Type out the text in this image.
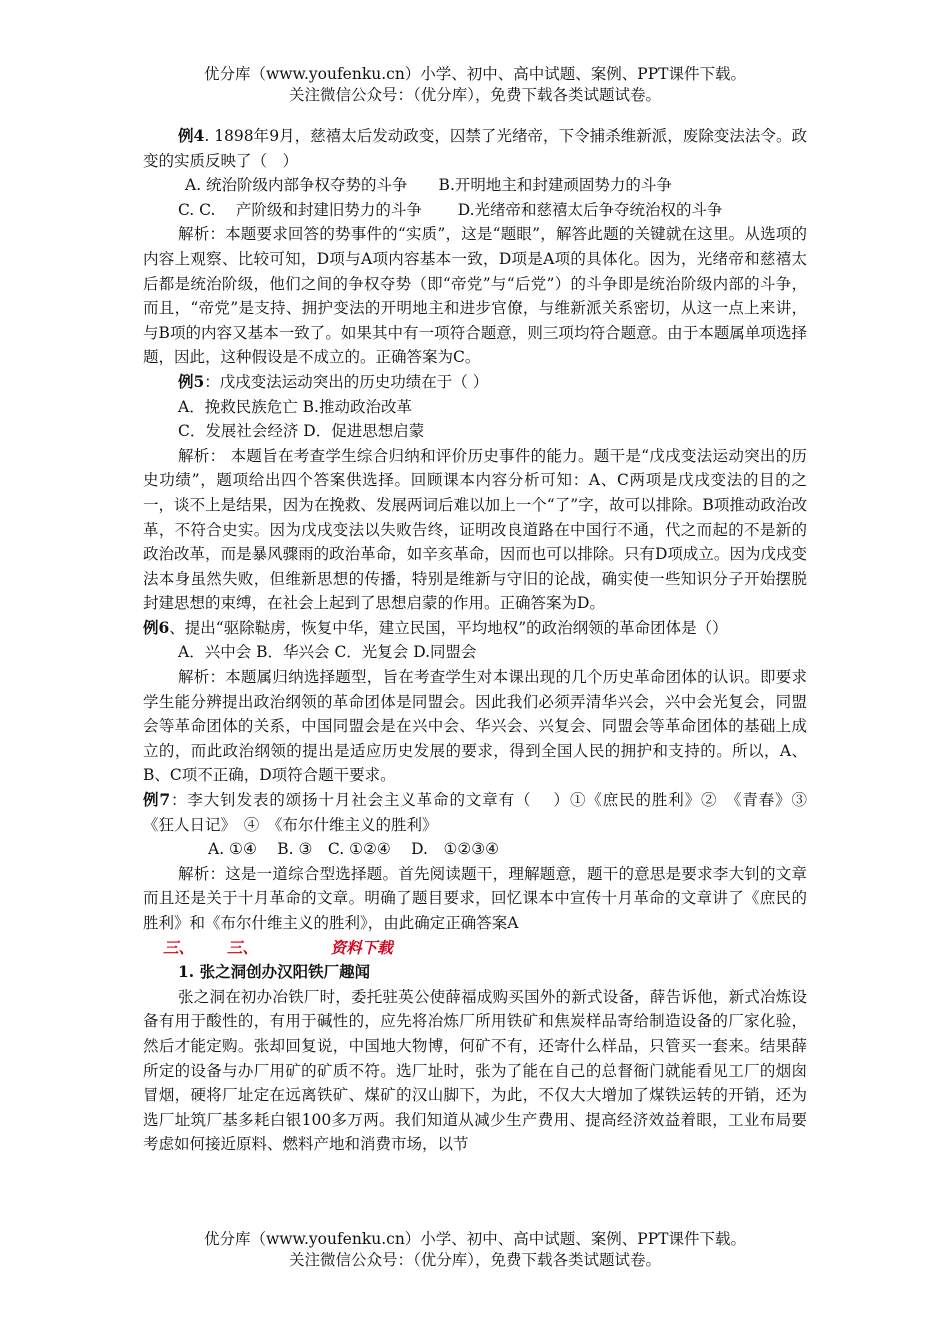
优分库（www.youfenku.cn）小学、初中、高中试题、案例、PPT课件下载。
关注微信公众号：（优分库），免费下载各类试题试卷。

例4. 1898年9月，慈禧太后发动政变，囚禁了光绪帝，下令捕杀维新派，废除变法法令。政变的实质反映了（　）

A. 统治阶级内部争权夺势的斗争　　B.开明地主和封建顽固势力的斗争

C. C.　 产阶级和封建旧势力的斗争　　 D.光绪帝和慈禧太后争夺统治权的斗争

解析：本题要求回答的势事件的“实质”，这是“题眼”，解答此题的关键就在这里。从选项的内容上观察、比较可知，D项与A项内容基本一致，D项是A项的具体化。因为，光绪帝和慈禧太后都是统治阶级，他们之间的争权夺势（即“帝党”与“后党”）的斗争即是统治阶级内部的斗争，而且，“帝党”是支持、拥护变法的开明地主和进步官僚，与维新派关系密切，从这一点上来讲，与B项的内容又基本一致了。如果其中有一项符合题意，则三项均符合题意。由于本题属单项选择题，因此，这种假设是不成立的。正确答案为C。

例5：戊戌变法运动突出的历史功绩在于（ ）

A．挽救民族危亡 B.推动政治改革

C．发展社会经济 D．促进思想启蒙

解析： 本题旨在考查学生综合归纳和评价历史事件的能力。题干是“戊戌变法运动突出的历史功绩”，题项给出四个答案供选择。回顾课本内容分析可知：A、C两项是戊戌变法的目的之一，谈不上是结果，因为在挽救、发展两词后难以加上一个“了”字，故可以排除。B项推动政治改革，不符合史实。因为戊戌变法以失败告终，证明改良道路在中国行不通，代之而起的不是新的政治改革，而是暴风骤雨的政治革命，如辛亥革命，因而也可以排除。只有D项成立。因为戊戌变法本身虽然失败，但维新思想的传播，特别是维新与守旧的论战，确实使一些知识分子开始摆脱封建思想的束缚，在社会上起到了思想启蒙的作用。正确答案为D。

例6、提出“驱除鞑虏，恢复中华，建立民国，平均地权”的政治纲领的革命团体是（）

A．兴中会 B．华兴会 C．光复会 D.同盟会

解析：本题属归纳选择题型，旨在考查学生对本课出现的几个历史革命团体的认识。即要求学生能分辨提出政治纲领的革命团体是同盟会。因此我们必须弄清华兴会，兴中会光复会，同盟会等革命团体的关系，中国同盟会是在兴中会、华兴会、兴复会、同盟会等革命团体的基础上成立的，而此政治纲领的提出是适应历史发展的要求，得到全国人民的拥护和支持的。所以，A、B、C项不正确，D项符合题干要求。

例7：李大钊发表的颂扬十月社会主义革命的文章有（　 ）①《庶民的胜利》②　《青春》③　《狂人日记》　④　《布尔什维主义的胜利》

A. ①④　 B. ③　C. ①②④　 D.　①②③④

解析：这是一道综合型选择题。首先阅读题干，理解题意，题干的意思是要求李大钊的文章而且还是关于十月革命的文章。明确了题目要求，回忆课本中宣传十月革命的文章讲了《庶民的胜利》和《布尔什维主义的胜利》，由此确定正确答案A

三、 三、	资料下载

1. 张之洞创办汉阳铁厂趣闻

张之洞在初办冶铁厂时，委托驻英公使薛福成购买国外的新式设备，薛告诉他，新式冶炼设备有用于酸性的，有用于碱性的，应先将冶炼厂所用铁矿和焦炭样品寄给制造设备的厂家化验，然后才能定购。张却回复说，中国地大物博，何矿不有，还寄什么样品，只管买一套来。结果薛所定的设备与办厂用矿的矿质不符。选厂址时，张为了能在自己的总督衙门就能看见工厂的烟囱冒烟，硬将厂址定在远离铁矿、煤矿的汉山脚下，为此，不仅大大增加了煤铁运转的开销，还为选厂址筑厂基多耗白银100多万两。我们知道从减少生产费用、提高经济效益着眼，工业布局要考虑如何接近原料、燃料产地和消费市场，以节

优分库（www.youfenku.cn）小学、初中、高中试题、案例、PPT课件下载。
关注微信公众号：（优分库），免费下载各类试题试卷。
